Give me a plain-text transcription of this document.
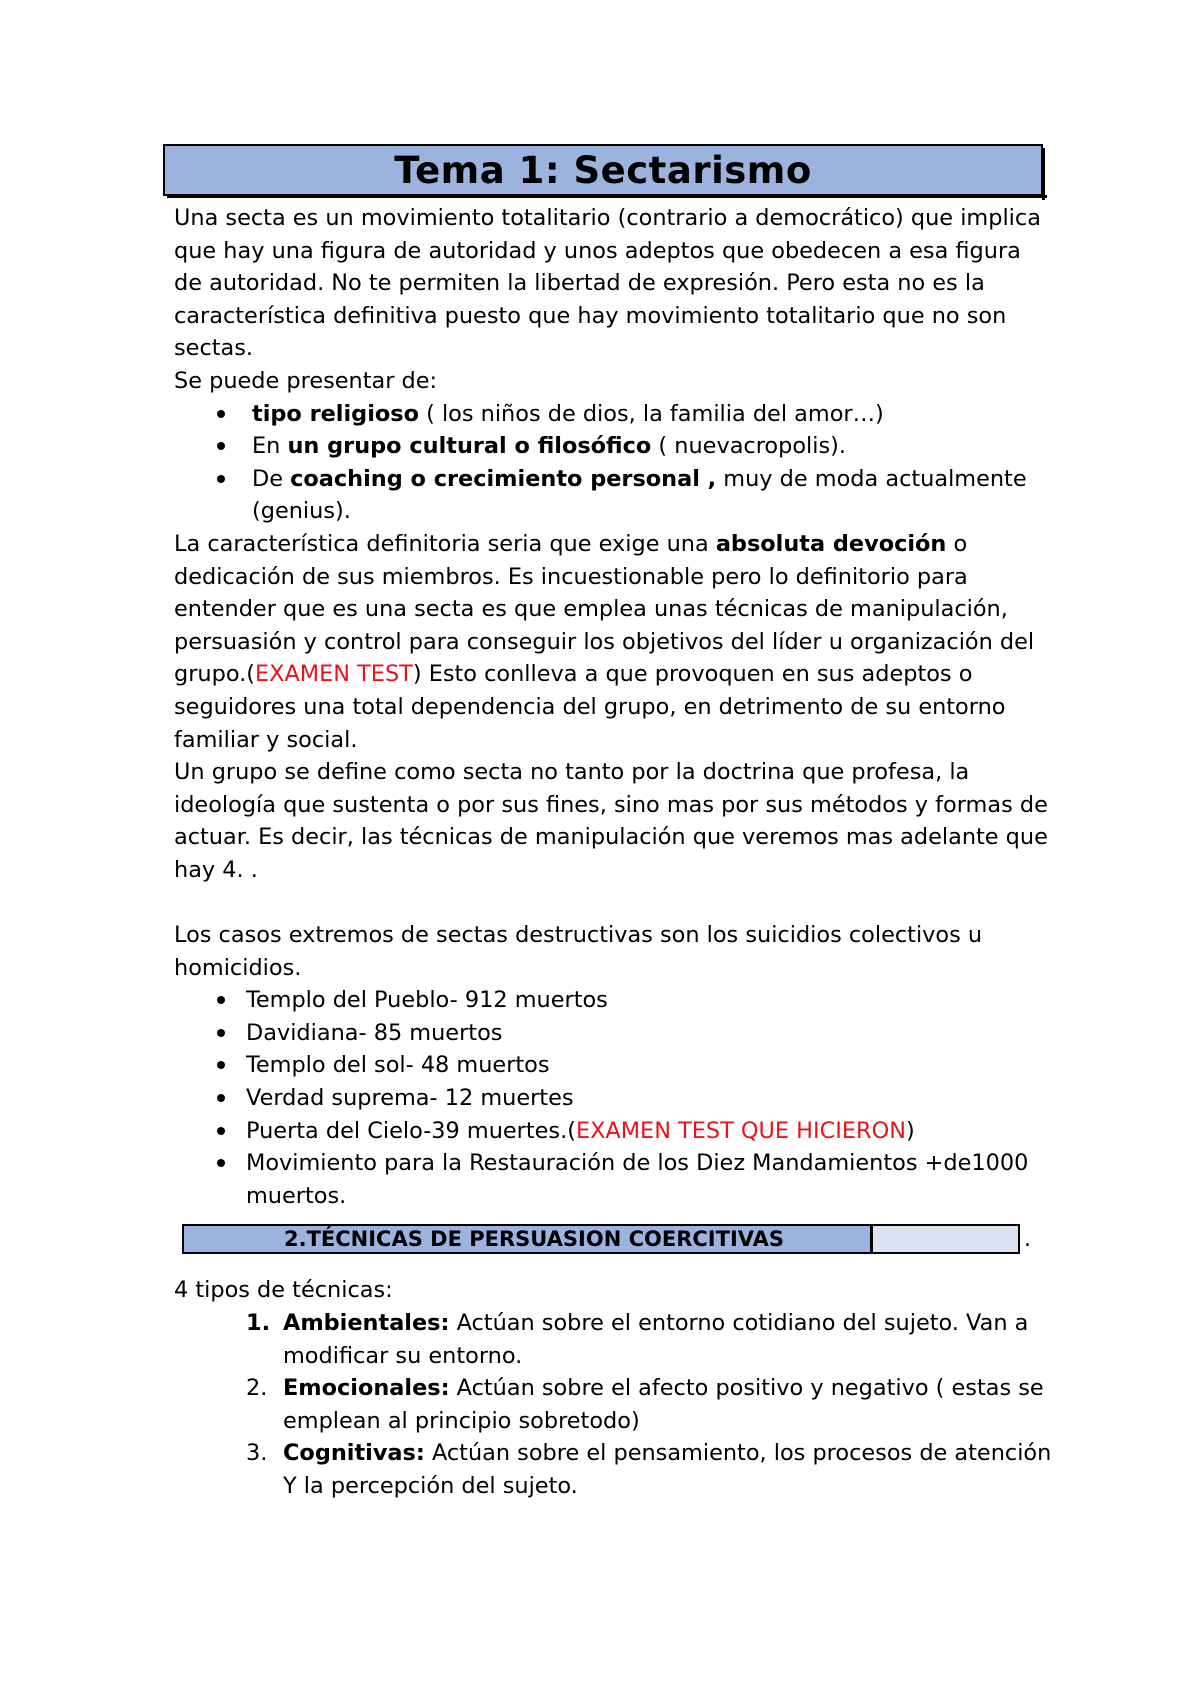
Tema 1: Sectarismo

Una secta es un movimiento totalitario (contrario a democrático) que implica que hay una figura de autoridad y unos adeptos que obedecen a esa figura de autoridad. No te permiten la libertad de expresión. Pero esta no es la característica definitiva puesto que hay movimiento totalitario que no son sectas.

Se puede presentar de:

tipo religioso ( los niños de dios, la familia del amor…)
En un grupo cultural o filosófico ( nuevacropolis).
De coaching o crecimiento personal , muy de moda actualmente (genius).

La característica definitoria seria que exige una absoluta devoción o dedicación de sus miembros. Es incuestionable pero lo definitorio para entender que es una secta es que emplea unas técnicas de manipulación, persuasión y control para conseguir los objetivos del líder u organización del grupo.(EXAMEN TEST) Esto conlleva a que provoquen en sus adeptos o seguidores una total dependencia del grupo, en detrimento de su entorno familiar y social.

Un grupo se define como secta no tanto por la doctrina que profesa, la ideología que sustenta o por sus fines, sino mas por sus métodos y formas de actuar. Es decir, las técnicas de manipulación que veremos mas adelante que hay 4. .

Los casos extremos de sectas destructivas son los suicidios colectivos u homicidios.

Templo del Pueblo- 912 muertos
Davidiana- 85 muertos
Templo del sol- 48 muertos
Verdad suprema- 12 muertes
Puerta del Cielo-39 muertes.(EXAMEN TEST QUE HICIERON)
Movimiento para la Restauración de los Diez Mandamientos +de1000 muertos.
2.TÉCNICAS DE PERSUASION COERCITIVAS	.

4 tipos de técnicas:

1. Ambientales: Actúan sobre el entorno cotidiano del sujeto. Van a modificar su entorno.
2. Emocionales: Actúan sobre el afecto positivo y negativo ( estas se emplean al principio sobretodo)
3. Cognitivas: Actúan sobre el pensamiento, los procesos de atención Y la percepción del sujeto.
